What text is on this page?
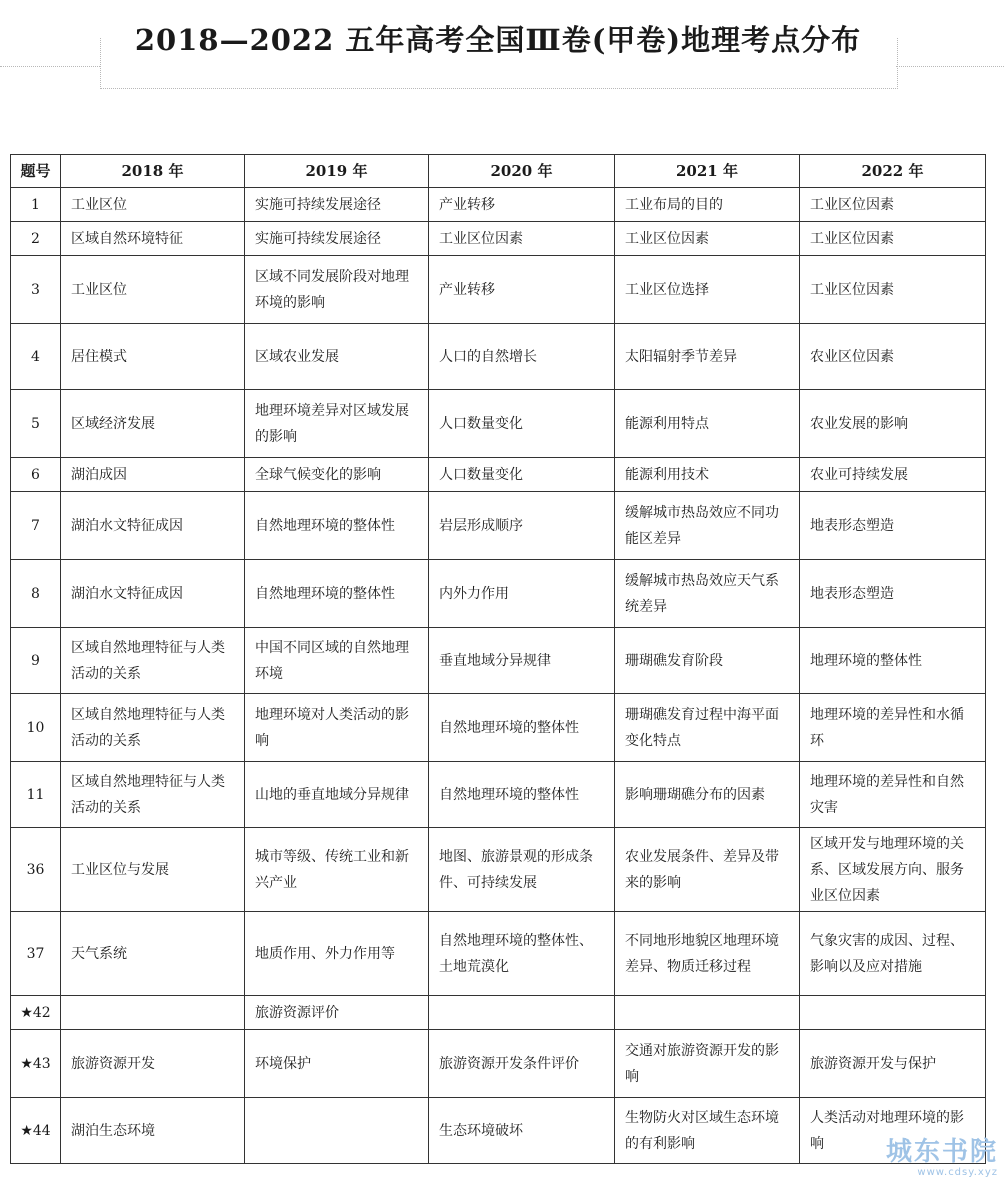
2018—2022 五年高考全国Ⅲ卷(甲卷)地理考点分布
题号	2018 年	2019 年	2020 年	2021 年	2022 年
1	工业区位	实施可持续发展途径	产业转移	工业布局的目的	工业区位因素
2	区域自然环境特征	实施可持续发展途径	工业区位因素	工业区位因素	工业区位因素
3	工业区位	区域不同发展阶段对地理环境的影响	产业转移	工业区位选择	工业区位因素
4	居住模式	区域农业发展	人口的自然增长	太阳辐射季节差异	农业区位因素
5	区域经济发展	地理环境差异对区域发展的影响	人口数量变化	能源利用特点	农业发展的影响
6	湖泊成因	全球气候变化的影响	人口数量变化	能源利用技术	农业可持续发展
7	湖泊水文特征成因	自然地理环境的整体性	岩层形成顺序	缓解城市热岛效应不同功能区差异	地表形态塑造
8	湖泊水文特征成因	自然地理环境的整体性	内外力作用	缓解城市热岛效应天气系统差异	地表形态塑造
9	区域自然地理特征与人类活动的关系	中国不同区域的自然地理环境	垂直地域分异规律	珊瑚礁发育阶段	地理环境的整体性
10	区域自然地理特征与人类活动的关系	地理环境对人类活动的影响	自然地理环境的整体性	珊瑚礁发育过程中海平面变化特点	地理环境的差异性和水循环
11	区域自然地理特征与人类活动的关系	山地的垂直地域分异规律	自然地理环境的整体性	影响珊瑚礁分布的因素	地理环境的差异性和自然灾害
36	工业区位与发展	城市等级、传统工业和新兴产业	地图、旅游景观的形成条件、可持续发展	农业发展条件、差异及带来的影响	区域开发与地理环境的关系、区域发展方向、服务业区位因素
37	天气系统	地质作用、外力作用等	自然地理环境的整体性、土地荒漠化	不同地形地貌区地理环境差异、物质迁移过程	气象灾害的成因、过程、影响以及应对措施
★42		旅游资源评价			
★43	旅游资源开发	环境保护	旅游资源开发条件评价	交通对旅游资源开发的影响	旅游资源开发与保护
★44	湖泊生态环境		生态环境破坏	生物防火对区域生态环境的有利影响	人类活动对地理环境的影响	城东书院
www.cdsy.xyz
